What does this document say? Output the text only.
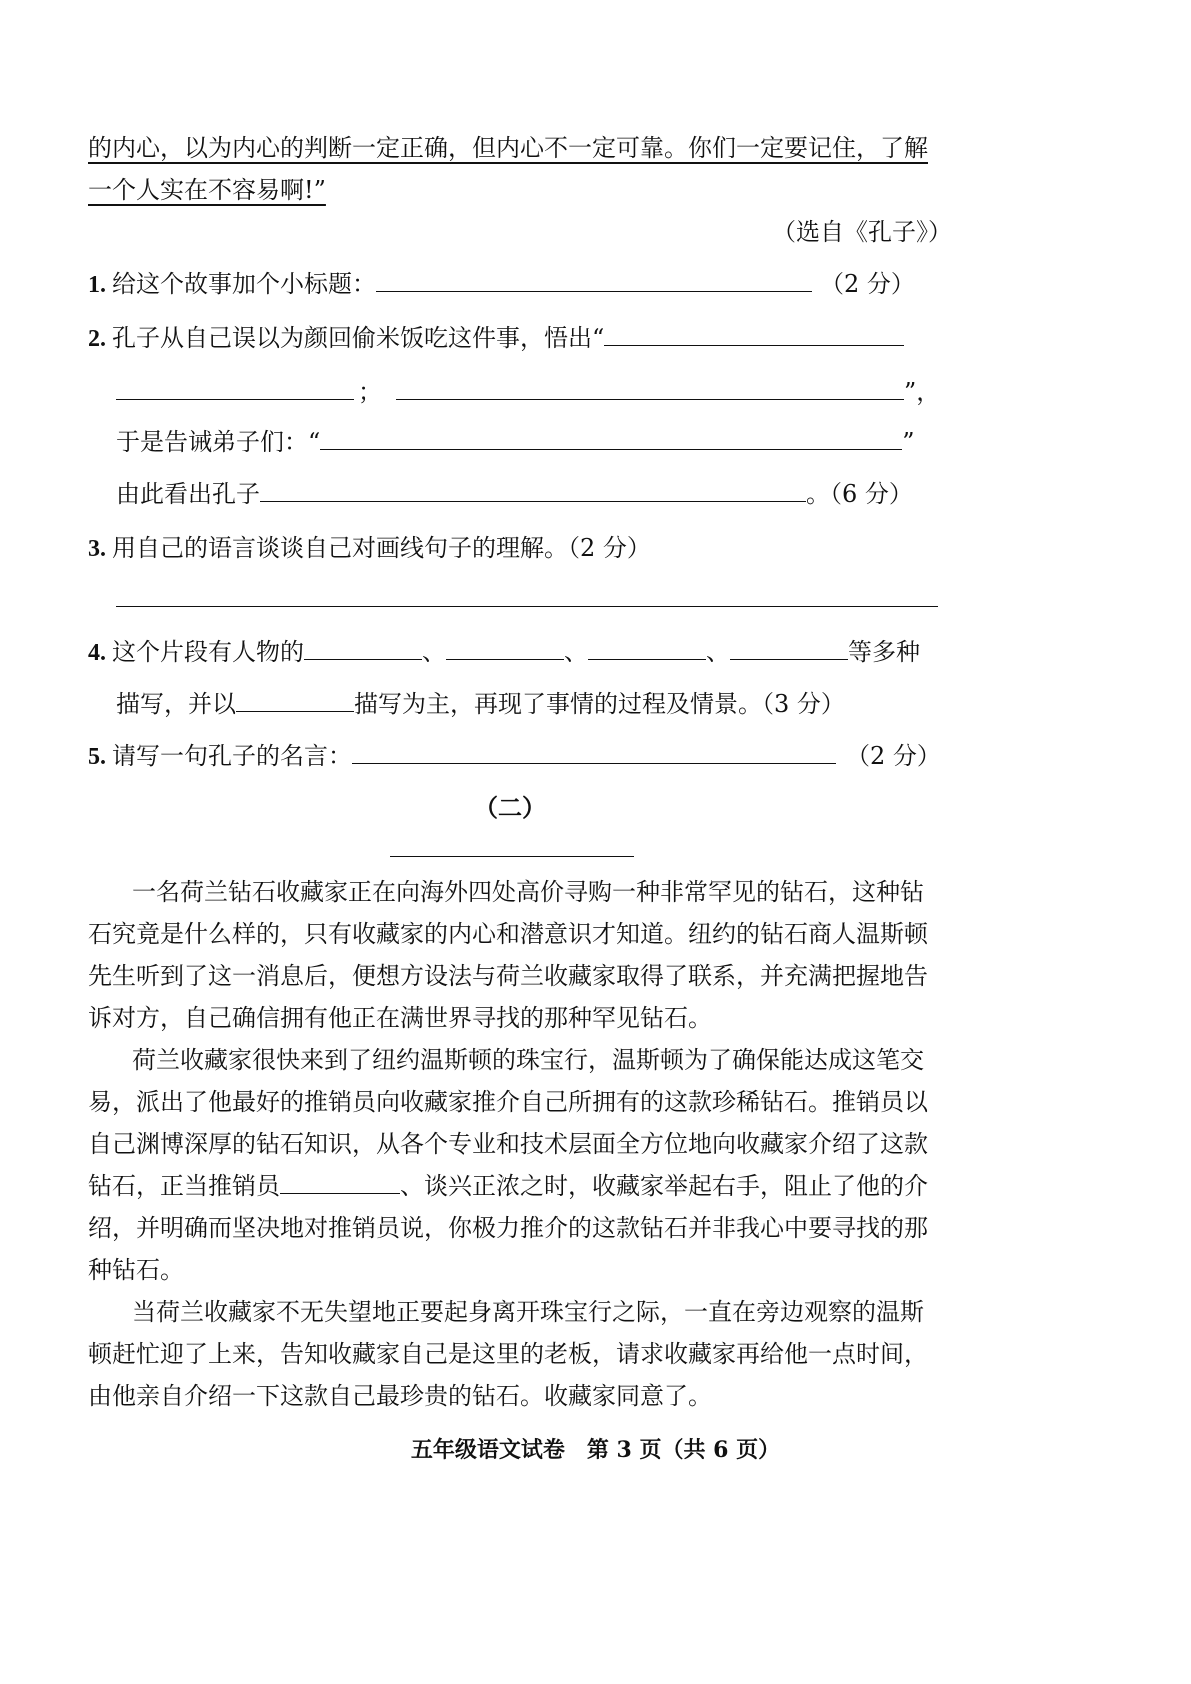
的内心，以为内心的判断一定正确，但内心不一定可靠。你们一定要记住，了解
一个人实在不容易啊!”
（选自《孔子》）
1. 给这个故事加个小标题：	（2 分）
2. 孔子从自己误以为颜回偷米饭吃这件事，悟出“
；	”，
于是告诫弟子们：“	”
由此看出孔子	。（6 分）
3. 用自己的语言谈谈自己对画线句子的理解。（2 分）
4. 这个片段有人物的	、	、	、	等多种
描写，并以	描写为主，再现了事情的过程及情景。（3 分）
5. 请写一句孔子的名言：	（2 分）
（二）
一名荷兰钻石收藏家正在向海外四处高价寻购一种非常罕见的钻石，这种钻
石究竟是什么样的，只有收藏家的内心和潜意识才知道。纽约的钻石商人温斯顿
先生听到了这一消息后，便想方设法与荷兰收藏家取得了联系，并充满把握地告
诉对方，自己确信拥有他正在满世界寻找的那种罕见钻石。
荷兰收藏家很快来到了纽约温斯顿的珠宝行，温斯顿为了确保能达成这笔交
易，派出了他最好的推销员向收藏家推介自己所拥有的这款珍稀钻石。推销员以
自己渊博深厚的钻石知识，从各个专业和技术层面全方位地向收藏家介绍了这款
钻石，正当推销员	、谈兴正浓之时，收藏家举起右手，阻止了他的介
绍，并明确而坚决地对推销员说，你极力推介的这款钻石并非我心中要寻找的那
种钻石。
当荷兰收藏家不无失望地正要起身离开珠宝行之际，一直在旁边观察的温斯
顿赶忙迎了上来，告知收藏家自己是这里的老板，请求收藏家再给他一点时间，
由他亲自介绍一下这款自己最珍贵的钻石。收藏家同意了。
五年级语文试卷　第 3 页（共 6 页）
